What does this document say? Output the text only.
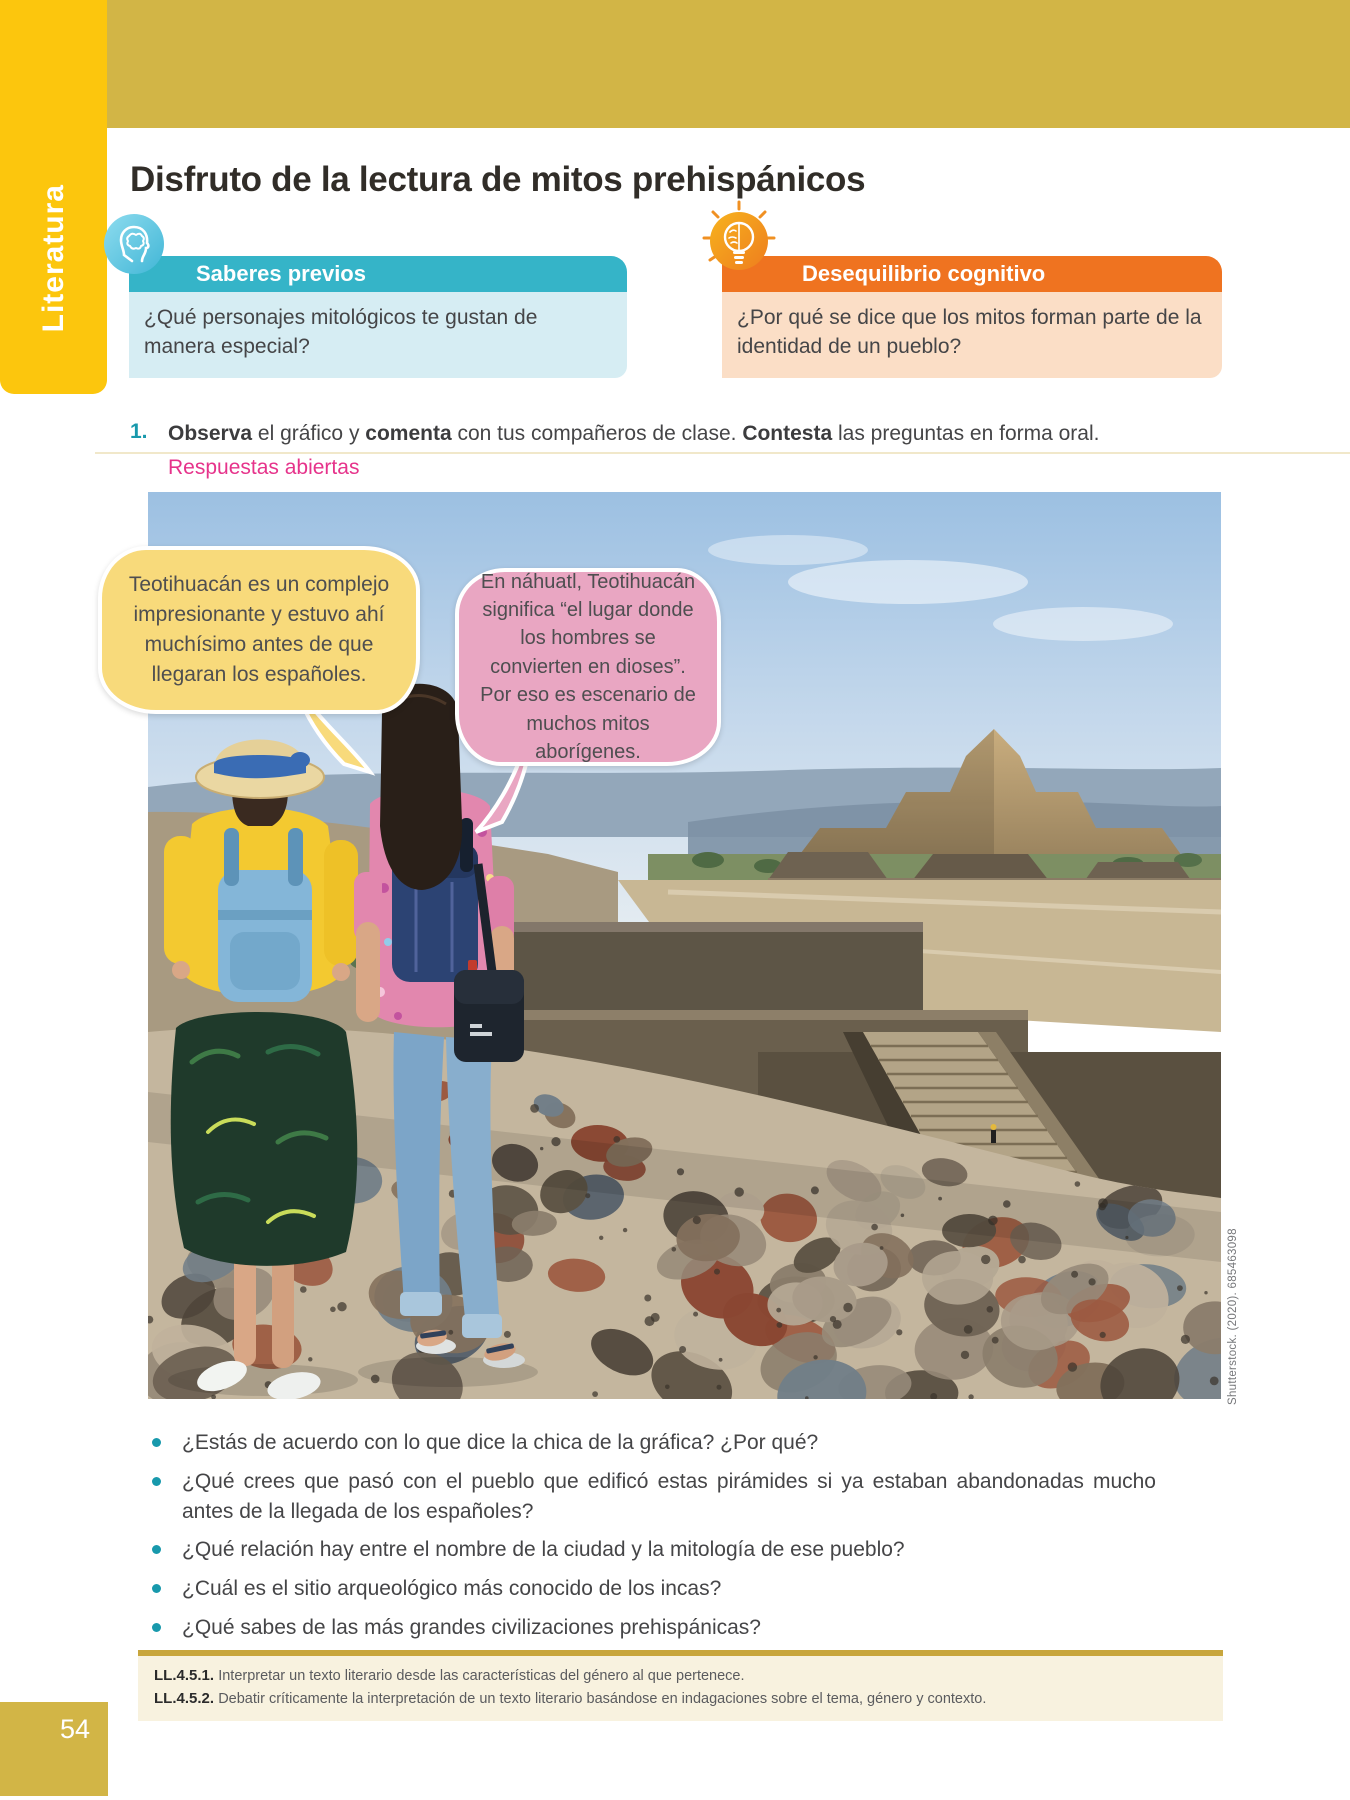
Literatura
Disfruto de la lectura de mitos prehispánicos
Saberes previos
¿Qué personajes mitológicos te gustan de manera especial?
Desequilibrio cognitivo
¿Por qué se dice que los mitos forman parte de la identidad de un pueblo?
1. Observa el gráfico y comenta con tus compañeros de clase. Contesta las preguntas en forma oral.
Respuestas abiertas
Teotihuacán es un complejo impresionante y estuvo ahí muchísimo antes de que llegaran los españoles.
En náhuatl, Teotihuacán significa “el lugar donde los hombres se convierten en dioses”. Por eso es escenario de muchos mitos aborígenes.
Shutterstock. (2020). 685463098
¿Estás de acuerdo con lo que dice la chica de la gráfica? ¿Por qué?
¿Qué crees que pasó con el pueblo que edificó estas pirámides si ya estaban abandonadas mucho antes de la llegada de los españoles?
¿Qué relación hay entre el nombre de la ciudad y la mitología de ese pueblo?
¿Cuál es el sitio arqueológico más conocido de los incas?
¿Qué sabes de las más grandes civilizaciones prehispánicas?
LL.4.5.1. Interpretar un texto literario desde las características del género al que pertenece.
LL.4.5.2. Debatir críticamente la interpretación de un texto literario basándose en indagaciones sobre el tema, género y contexto.
54
